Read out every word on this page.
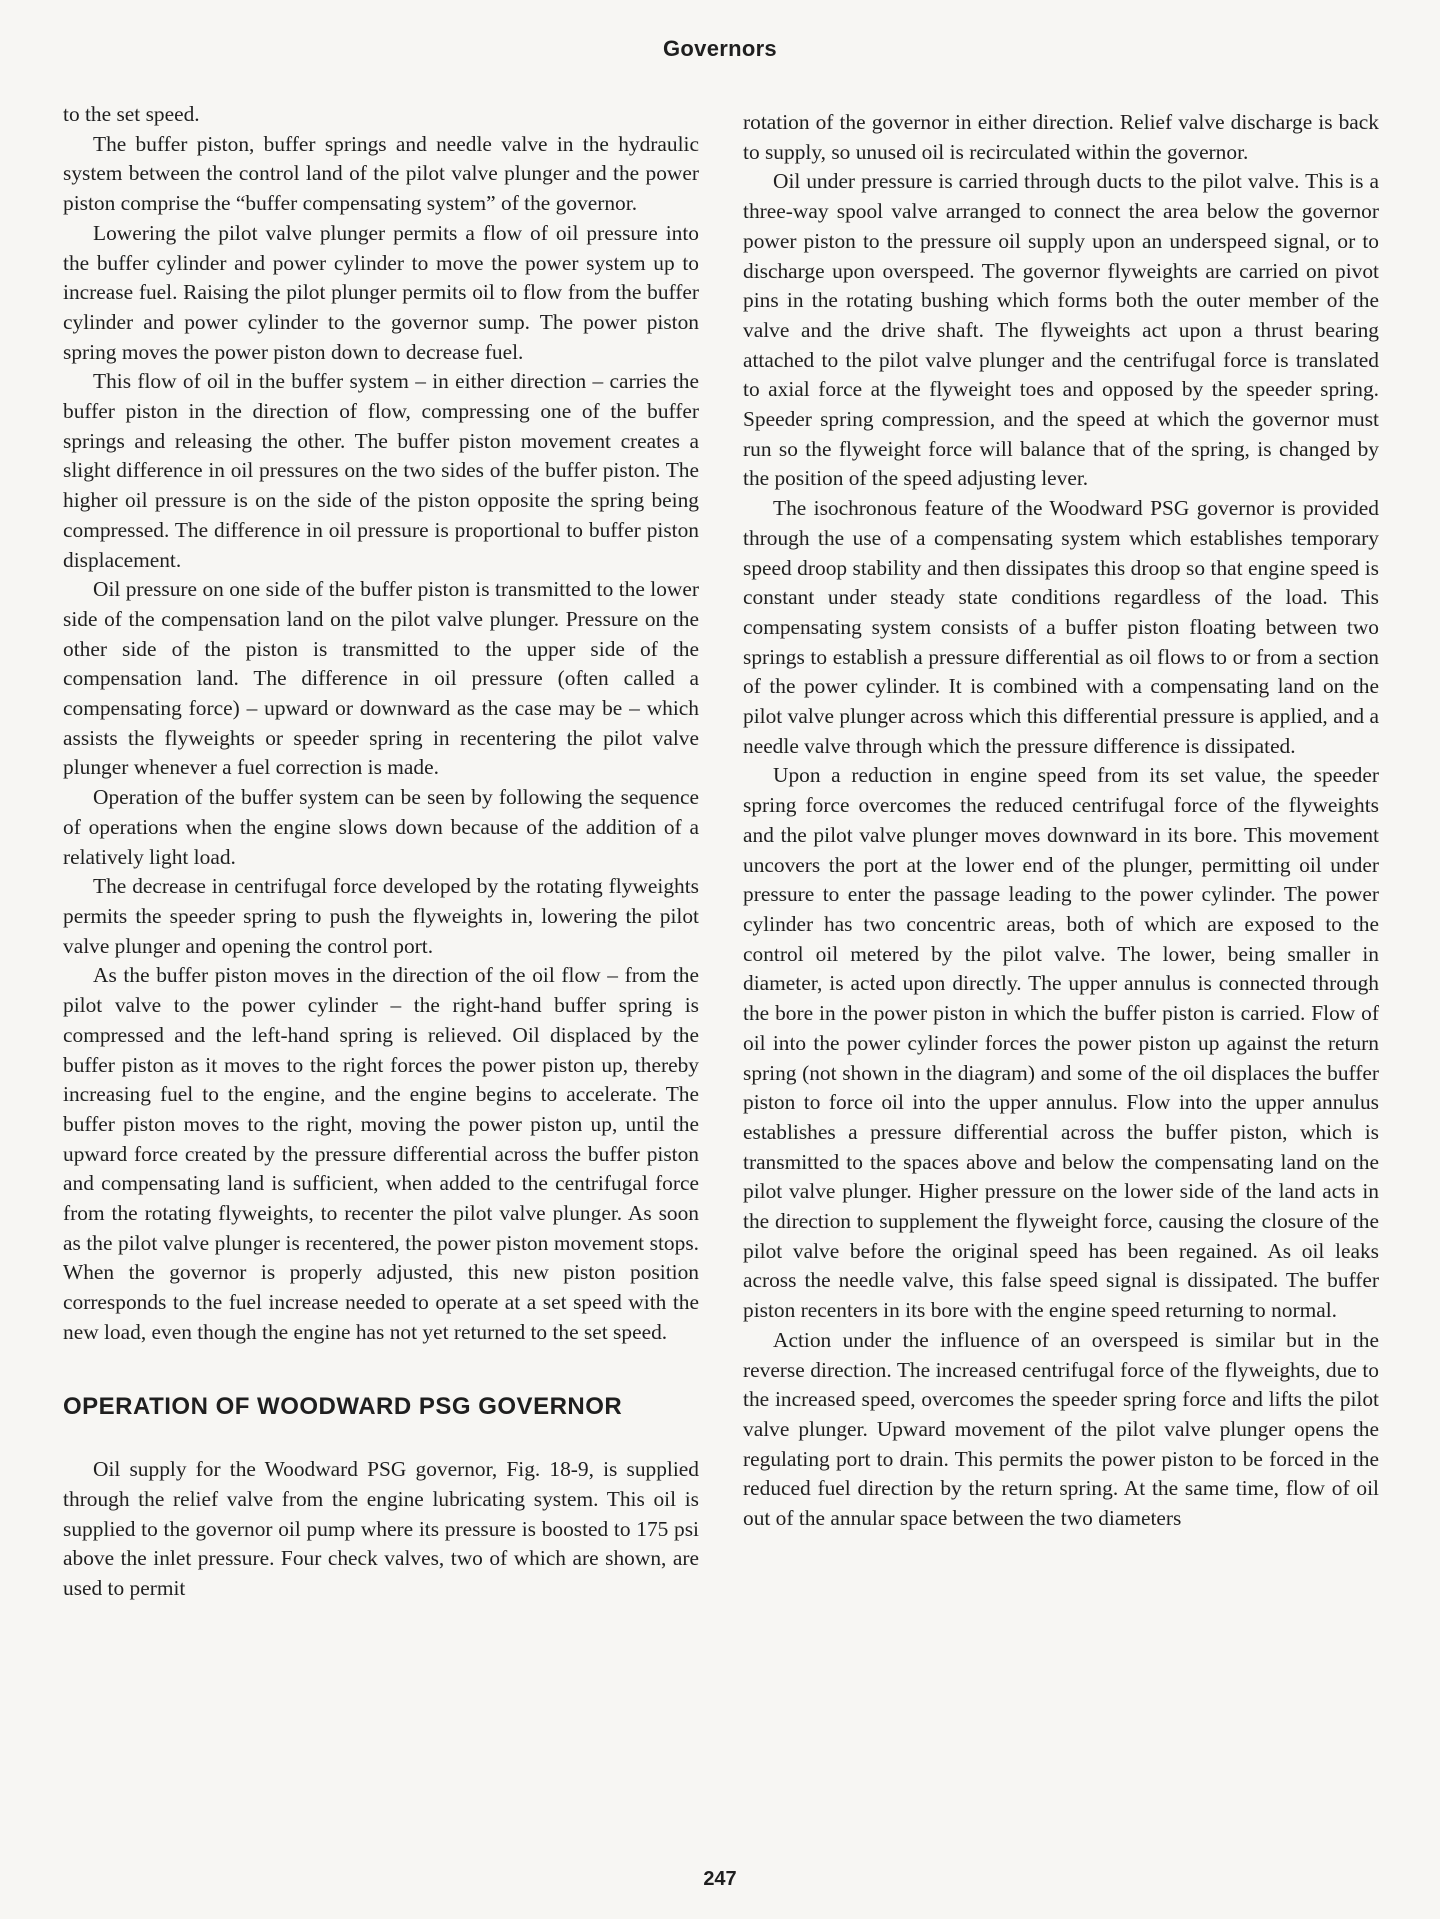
Governors

to the set speed.

The buffer piston, buffer springs and needle valve in the hydraulic system between the control land of the pilot valve plunger and the power piston comprise the “buffer compensating system” of the governor.

Lowering the pilot valve plunger permits a flow of oil pressure into the buffer cylinder and power cylinder to move the power system up to increase fuel. Raising the pilot plunger permits oil to flow from the buffer cylinder and power cylinder to the governor sump. The power piston spring moves the power piston down to decrease fuel.

This flow of oil in the buffer system – in either direction – carries the buffer piston in the direction of flow, compressing one of the buffer springs and releasing the other. The buffer piston movement creates a slight difference in oil pressures on the two sides of the buffer piston. The higher oil pressure is on the side of the piston opposite the spring being compressed. The difference in oil pressure is proportional to buffer piston displacement.

Oil pressure on one side of the buffer piston is transmitted to the lower side of the compensation land on the pilot valve plunger. Pressure on the other side of the piston is transmitted to the upper side of the compensation land. The difference in oil pressure (often called a compensating force) – upward or downward as the case may be – which assists the flyweights or speeder spring in recentering the pilot valve plunger whenever a fuel correction is made.

Operation of the buffer system can be seen by following the sequence of operations when the engine slows down because of the addition of a relatively light load.

The decrease in centrifugal force developed by the rotating flyweights permits the speeder spring to push the flyweights in, lowering the pilot valve plunger and opening the control port.

As the buffer piston moves in the direction of the oil flow – from the pilot valve to the power cylinder – the right-hand buffer spring is compressed and the left-hand spring is relieved. Oil displaced by the buffer piston as it moves to the right forces the power piston up, thereby increasing fuel to the engine, and the engine begins to accelerate. The buffer piston moves to the right, moving the power piston up, until the upward force created by the pressure differential across the buffer piston and compensating land is sufficient, when added to the centrifugal force from the rotating flyweights, to recenter the pilot valve plunger. As soon as the pilot valve plunger is recentered, the power piston movement stops. When the governor is properly adjusted, this new piston position corresponds to the fuel increase needed to operate at a set speed with the new load, even though the engine has not yet returned to the set speed.

OPERATION OF WOODWARD PSG GOVERNOR

Oil supply for the Woodward PSG governor, Fig. 18-9, is supplied through the relief valve from the engine lubricating system. This oil is supplied to the governor oil pump where its pressure is boosted to 175 psi above the inlet pressure. Four check valves, two of which are shown, are used to permit

rotation of the governor in either direction. Relief valve discharge is back to supply, so unused oil is recirculated within the governor.

Oil under pressure is carried through ducts to the pilot valve. This is a three-way spool valve arranged to connect the area below the governor power piston to the pressure oil supply upon an underspeed signal, or to discharge upon overspeed. The governor flyweights are carried on pivot pins in the rotating bushing which forms both the outer member of the valve and the drive shaft. The flyweights act upon a thrust bearing attached to the pilot valve plunger and the centrifugal force is translated to axial force at the flyweight toes and opposed by the speeder spring. Speeder spring compression, and the speed at which the governor must run so the flyweight force will balance that of the spring, is changed by the position of the speed adjusting lever.

The isochronous feature of the Woodward PSG governor is provided through the use of a compensating system which establishes temporary speed droop stability and then dissipates this droop so that engine speed is constant under steady state conditions regardless of the load. This compensating system consists of a buffer piston floating between two springs to establish a pressure differential as oil flows to or from a section of the power cylinder. It is combined with a compensating land on the pilot valve plunger across which this differential pressure is applied, and a needle valve through which the pressure difference is dissipated.

Upon a reduction in engine speed from its set value, the speeder spring force overcomes the reduced centrifugal force of the flyweights and the pilot valve plunger moves downward in its bore. This movement uncovers the port at the lower end of the plunger, permitting oil under pressure to enter the passage leading to the power cylinder. The power cylinder has two concentric areas, both of which are exposed to the control oil metered by the pilot valve. The lower, being smaller in diameter, is acted upon directly. The upper annulus is connected through the bore in the power piston in which the buffer piston is carried. Flow of oil into the power cylinder forces the power piston up against the return spring (not shown in the diagram) and some of the oil displaces the buffer piston to force oil into the upper annulus. Flow into the upper annulus establishes a pressure differential across the buffer piston, which is transmitted to the spaces above and below the compensating land on the pilot valve plunger. Higher pressure on the lower side of the land acts in the direction to supplement the flyweight force, causing the closure of the pilot valve before the original speed has been regained. As oil leaks across the needle valve, this false speed signal is dissipated. The buffer piston recenters in its bore with the engine speed returning to normal.

Action under the influence of an overspeed is similar but in the reverse direction. The increased centrifugal force of the flyweights, due to the increased speed, overcomes the speeder spring force and lifts the pilot valve plunger. Upward movement of the pilot valve plunger opens the regulating port to drain. This permits the power piston to be forced in the reduced fuel direction by the return spring. At the same time, flow of oil out of the annular space between the two diameters

247
